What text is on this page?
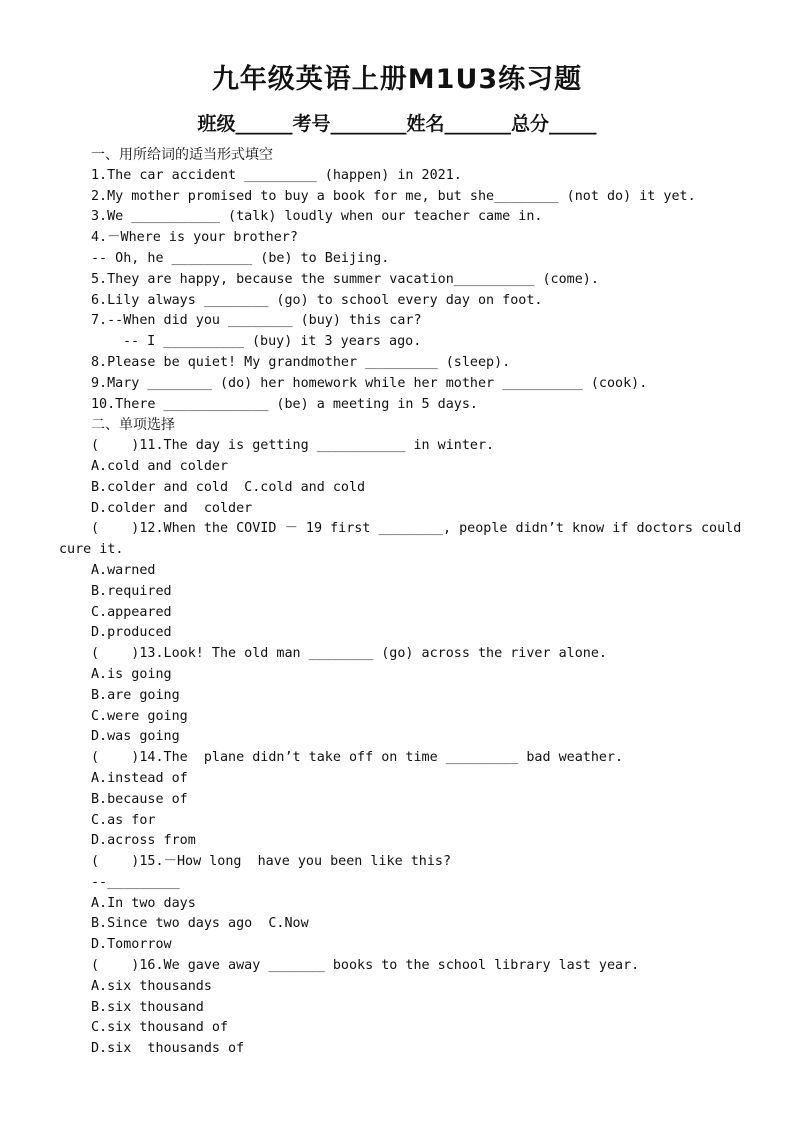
九年级英语上册M1U3练习题
班级______考号________姓名_______总分_____
一、用所给词的适当形式填空
1.The car accident _________ (happen) in 2021.
2.My mother promised to buy a book for me, but she________ (not do) it yet.
3.We ___________ (talk) loudly when our teacher came in.
4.－Where is your brother?
-- Oh, he __________ (be) to Beijing.
5.They are happy, because the summer vacation__________ (come).
6.Lily always ________ (go) to school every day on foot.
7.--When did you ________ (buy) this car?
-- I __________ (buy) it 3 years ago.
8.Please be quiet! My grandmother _________ (sleep).
9.Mary ________ (do) her homework while her mother __________ (cook).
10.There _____________ (be) a meeting in 5 days.
二、单项选择
(    )11.The day is getting ___________ in winter.
A.cold and colder
B.colder and cold  C.cold and cold
D.colder and  colder
(    )12.When the COVID － 19 first ________, people didn’t know if doctors could
cure it.
A.warned
B.required
C.appeared
D.produced
(    )13.Look! The old man ________ (go) across the river alone.
A.is going
B.are going
C.were going
D.was going
(    )14.The  plane didn’t take off on time _________ bad weather.
A.instead of
B.because of
C.as for
D.across from
(    )15.－How long  have you been like this?
--_________
A.In two days
B.Since two days ago  C.Now
D.Tomorrow
(    )16.We gave away _______ books to the school library last year.
A.six thousands
B.six thousand
C.six thousand of
D.six  thousands of
